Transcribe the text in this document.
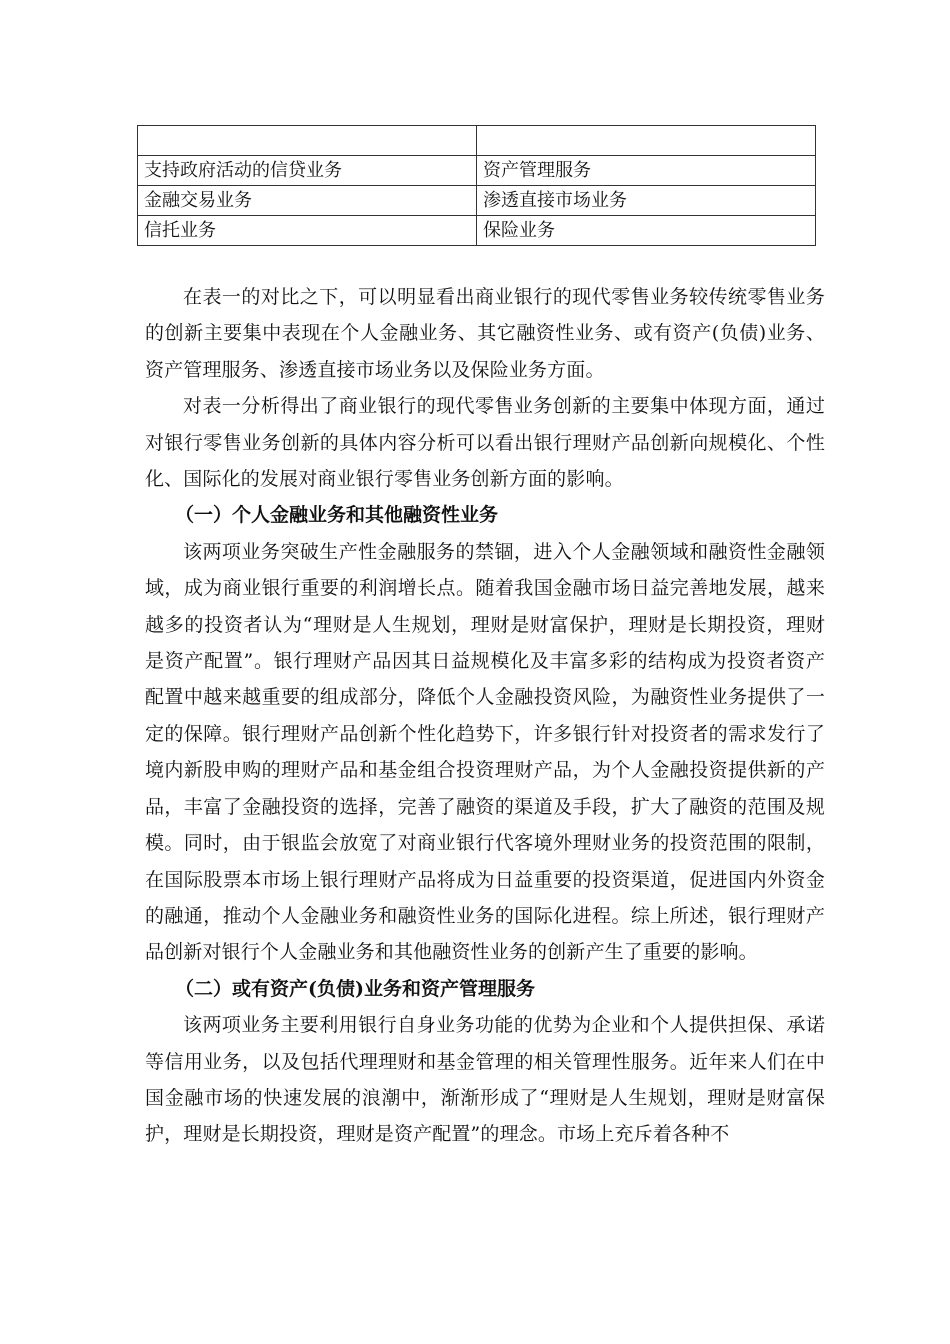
支持政府活动的信贷业务	资产管理服务
金融交易业务	渗透直接市场业务
信托业务	保险业务

在表一的对比之下，可以明显看出商业银行的现代零售业务较传统零售业务的创新主要集中表现在个人金融业务、其它融资性业务、或有资产(负债)业务、资产管理服务、渗透直接市场业务以及保险业务方面。

对表一分析得出了商业银行的现代零售业务创新的主要集中体现方面，通过对银行零售业务创新的具体内容分析可以看出银行理财产品创新向规模化、个性化、国际化的发展对商业银行零售业务创新方面的影响。

（一）个人金融业务和其他融资性业务

该两项业务突破生产性金融服务的禁锢，进入个人金融领域和融资性金融领域，成为商业银行重要的利润增长点。随着我国金融市场日益完善地发展，越来越多的投资者认为“理财是人生规划，理财是财富保护，理财是长期投资，理财是资产配置”。银行理财产品因其日益规模化及丰富多彩的结构成为投资者资产配置中越来越重要的组成部分，降低个人金融投资风险，为融资性业务提供了一定的保障。银行理财产品创新个性化趋势下，许多银行针对投资者的需求发行了境内新股申购的理财产品和基金组合投资理财产品，为个人金融投资提供新的产品，丰富了金融投资的选择，完善了融资的渠道及手段，扩大了融资的范围及规模。同时，由于银监会放宽了对商业银行代客境外理财业务的投资范围的限制，在国际股票本市场上银行理财产品将成为日益重要的投资渠道，促进国内外资金的融通，推动个人金融业务和融资性业务的国际化进程。综上所述，银行理财产品创新对银行个人金融业务和其他融资性业务的创新产生了重要的影响。

（二）或有资产(负债)业务和资产管理服务

该两项业务主要利用银行自身业务功能的优势为企业和个人提供担保、承诺等信用业务，以及包括代理理财和基金管理的相关管理性服务。近年来人们在中国金融市场的快速发展的浪潮中，渐渐形成了“理财是人生规划，理财是财富保护，理财是长期投资，理财是资产配置”的理念。市场上充斥着各种不
